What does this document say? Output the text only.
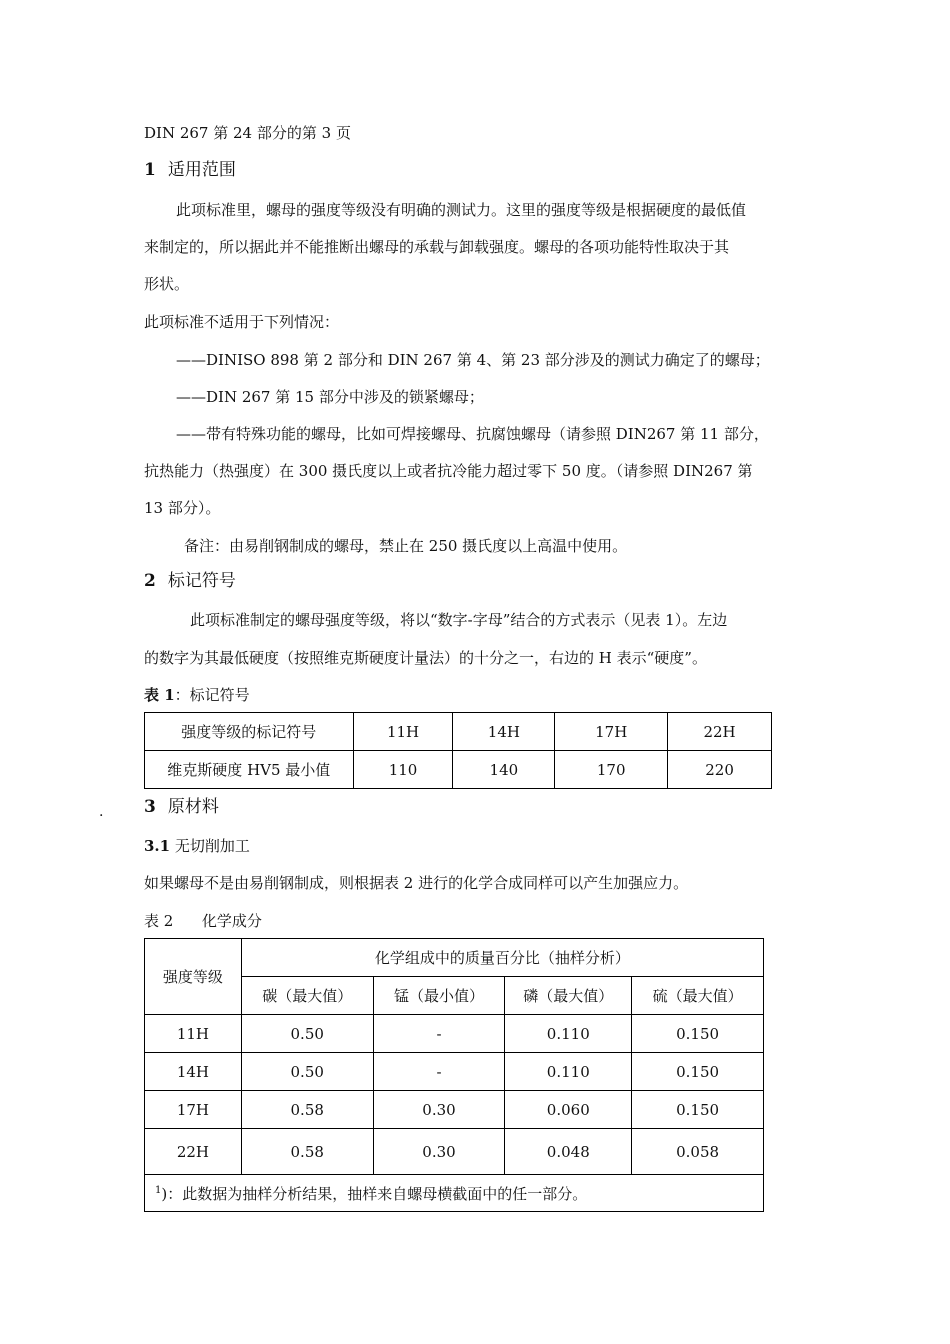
DIN 267 第 24 部分的第 3 页
1 适用范围
此项标准里，螺母的强度等级没有明确的测试力。这里的强度等级是根据硬度的最低值
来制定的，所以据此并不能推断出螺母的承载与卸载强度。螺母的各项功能特性取决于其
形状。
此项标准不适用于下列情况：
——DINISO 898 第 2 部分和 DIN 267 第 4、第 23 部分涉及的测试力确定了的螺母；
——DIN 267 第 15 部分中涉及的锁紧螺母；
——带有特殊功能的螺母，比如可焊接螺母、抗腐蚀螺母（请参照 DIN267 第 11 部分，
抗热能力（热强度）在 300 摄氏度以上或者抗冷能力超过零下 50 度。（请参照 DIN267 第
13 部分）。
备注：由易削钢制成的螺母，禁止在 250 摄氏度以上高温中使用。
2 标记符号
此项标准制定的螺母强度等级，将以“数字-字母”结合的方式表示（见表 1）。左边
的数字为其最低硬度（按照维克斯硬度计量法）的十分之一，右边的 H 表示“硬度”。
表 1：标记符号
强度等级的标记符号	11H	14H	17H	22H
维克斯硬度 HV5 最小值	110	140	170	220
. 3 原材料
3.1 无切削加工
如果螺母不是由易削钢制成，则根据表 2 进行的化学合成同样可以产生加强应力。
表 2      化学成分
强度等级	化学组成中的质量百分比（抽样分析）			
	碳（最大值）	锰（最小值）	磷（最大值）	硫（最大值）
11H	0.50	-	0.110	0.150
14H	0.50	-	0.110	0.150
17H	0.58	0.30	0.060	0.150
22H	0.58	0.30	0.048	0.058
$^1$)：此数据为抽样分析结果，抽样来自螺母横截面中的任一部分。				
